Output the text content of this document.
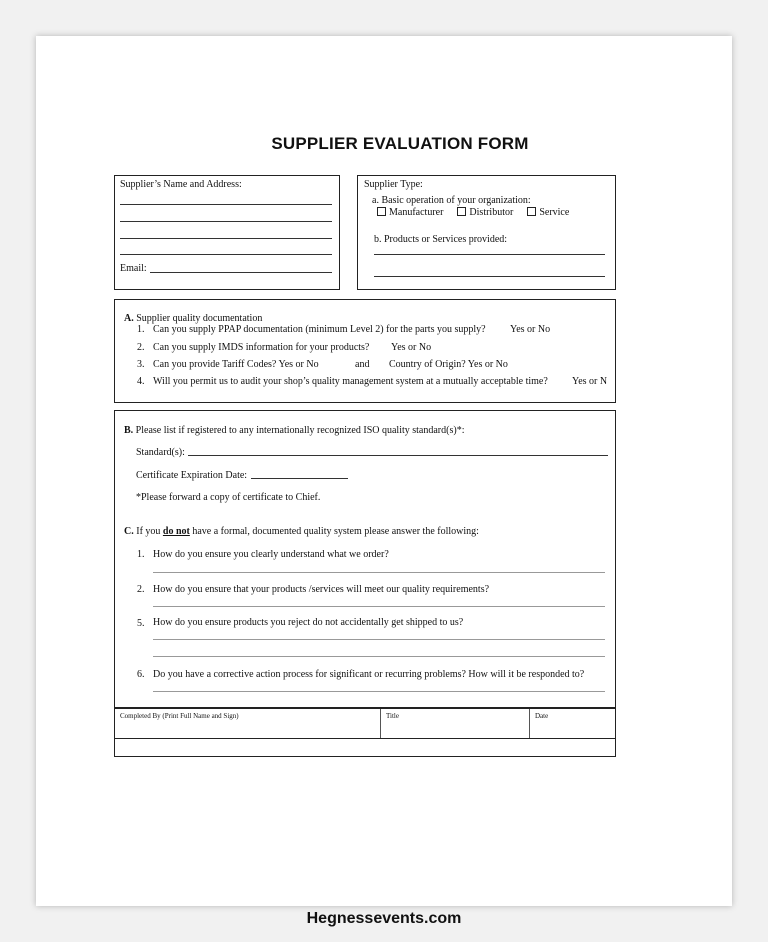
SUPPLIER EVALUATION FORM
Supplier’s Name and Address:
Email:
Supplier Type:
a. Basic operation of your organization:
Manufacturer	Distributor	Service
b. Products or Services provided:
A. Supplier quality documentation
1. Can you supply PPAP documentation (minimum Level 2) for the parts you supply? Yes or No
2. Can you supply IMDS information for your products? Yes or No
3. Can you provide Tariff Codes? Yes or No	and Country of Origin? Yes or No
4. Will you permit us to audit your shop’s quality management system at a mutually acceptable time? Yes or N
B. Please list if registered to any internationally recognized ISO quality standard(s)*:
Standard(s):
Certificate Expiration Date:
*Please forward a copy of certificate to Chief.
C. If you do not have a formal, documented quality system please answer the following:
1. How do you ensure you clearly understand what we order?
2. How do you ensure that your products /services will meet our quality requirements?
5. How do you ensure products you reject do not accidentally get shipped to us?
6. Do you have a corrective action process for significant or recurring problems? How will it be responded to?
Completed By (Print Full Name and Sign)	Title	Date
Hegnessevents.com
